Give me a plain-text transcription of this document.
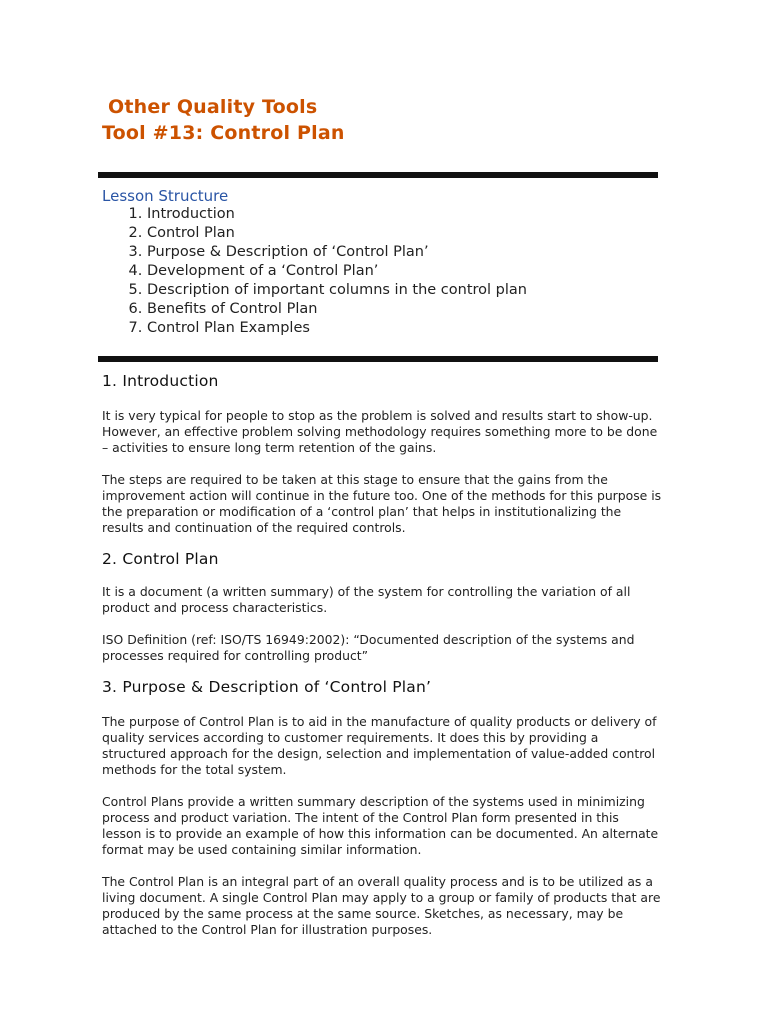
Other Quality Tools
Tool #13: Control Plan
Lesson Structure
1. Introduction
2. Control Plan
3. Purpose & Description of ‘Control Plan’
4. Development of a ‘Control Plan’
5. Description of important columns in the control plan
6. Benefits of Control Plan
7. Control Plan Examples
1. Introduction

It is very typical for people to stop as the problem is solved and results start to show-up. However, an effective problem solving methodology requires something more to be done – activities to ensure long term retention of the gains.

The steps are required to be taken at this stage to ensure that the gains from the improvement action will continue in the future too. One of the methods for this purpose is the preparation or modification of a ‘control plan’ that helps in institutionalizing the results and continuation of the required controls.

2. Control Plan

It is a document (a written summary) of the system for controlling the variation of all product and process characteristics.

ISO Definition (ref: ISO/TS 16949:2002): “Documented description of the systems and processes required for controlling product”

3. Purpose & Description of ‘Control Plan’

The purpose of Control Plan is to aid in the manufacture of quality products or delivery of quality services according to customer requirements. It does this by providing a structured approach for the design, selection and implementation of value-added control methods for the total system.

Control Plans provide a written summary description of the systems used in minimizing process and product variation. The intent of the Control Plan form presented in this lesson is to provide an example of how this information can be documented. An alternate format may be used containing similar information.

The Control Plan is an integral part of an overall quality process and is to be utilized as a living document. A single Control Plan may apply to a group or family of products that are produced by the same process at the same source. Sketches, as necessary, may be attached to the Control Plan for illustration purposes.
